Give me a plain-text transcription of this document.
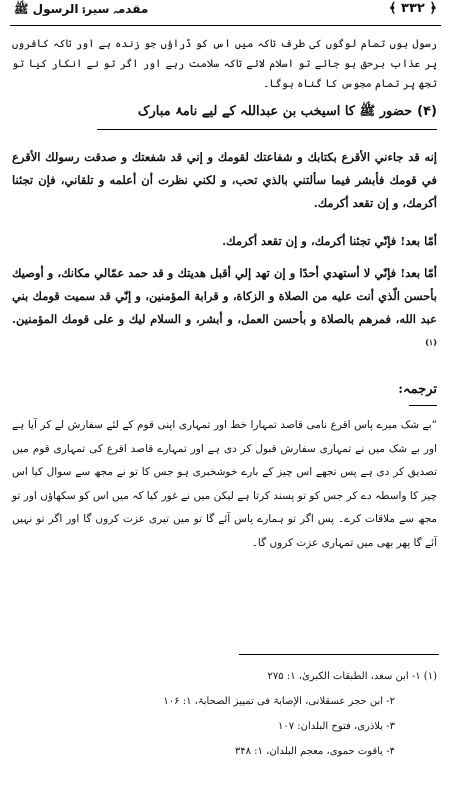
﴿ ۳۳۲ ﴾
مقدمہ سیرۃ الرسول ﷺ

رسول ہوں تمام لوگوں کی طرف تاکہ میں اس کو ڈراؤں جو زندہ ہے اور تاکہ کافروں پر عذاب برحق ہو جائے تو اسلام لائے تاکہ سلامت رہے اور اگر تو نے انکار کیا تو تجھ پر تمام مجوس کا گناہ ہوگا۔

(۴) حضور ﷺ کا اسیخب بن عبداللہ کے لیے نامۂ مبارک

إنه قد جاءني الأقرع بكتابك و شفاعتك لقومك و إني قد شفعتك و صدقت رسولك الأقرع في قومك فأبشر فيما سألتني بالذي تحب، و لكني نظرت أن أعلمه و تلقاني، فإن تجئنا أكرمك، و إن تقعد أكرمك.

أمّا بعد! فإنّي تجئنا أكرمك، و إن تقعد أكرمك.

أمّا بعد! فإنّي لا أستهدي أحدًا و إن تهد إلي أقبل هديتك و قد حمد عمّالي مكانك، و أوصيك بأحسن الّذي أنت عليه من الصلاة و الزكاة، و قرابة المؤمنين، و إنّي قد سميت قومك بني عبد الله، فمرهم بالصلاة و بأحسن العمل، و أبشر، و السلام ليك و على قومك المؤمنين.$^{(۱)}$

ترجمہ:

”بے شک میرے پاس اقرع نامی قاصد تمہارا خط اور تمہاری اپنی قوم کے لئے سفارش لے کر آیا ہے اور بے شک میں نے تمہاری سفارش قبول کر دی ہے اور تمہارے قاصد اقرع کی تمہاری قوم میں تصدیق کر دی ہے پس تجھے اس چیز کے بارے خوشخبری ہو جس کا تو نے مجھ سے سوال کیا اس چیز کا واسطہ دے کر جس کو تو پسند کرتا ہے لیکن میں نے غور کیا کہ میں اس کو سکھاؤں اور تو مجھ سے ملاقات کرے۔ پس اگر تو ہمارے پاس آئے گا تو میں تیری عزت کروں گا اور اگر تو نہیں آئے گا پھر بھی میں تمہاری عزت کروں گا۔

(۱) ۱- ابن سعد، الطبقات الکبریٰ، ۱: ۲۷۵
۲- ابن حجر عسقلانی، الإصابۃ فی تمییز الصحابۃ، ۱: ۱۰۶
۳- بلاذری، فتوح البلدان: ۱۰۷
۴- یاقوت حموی، معجم البلدان، ۱: ۳۴۸
